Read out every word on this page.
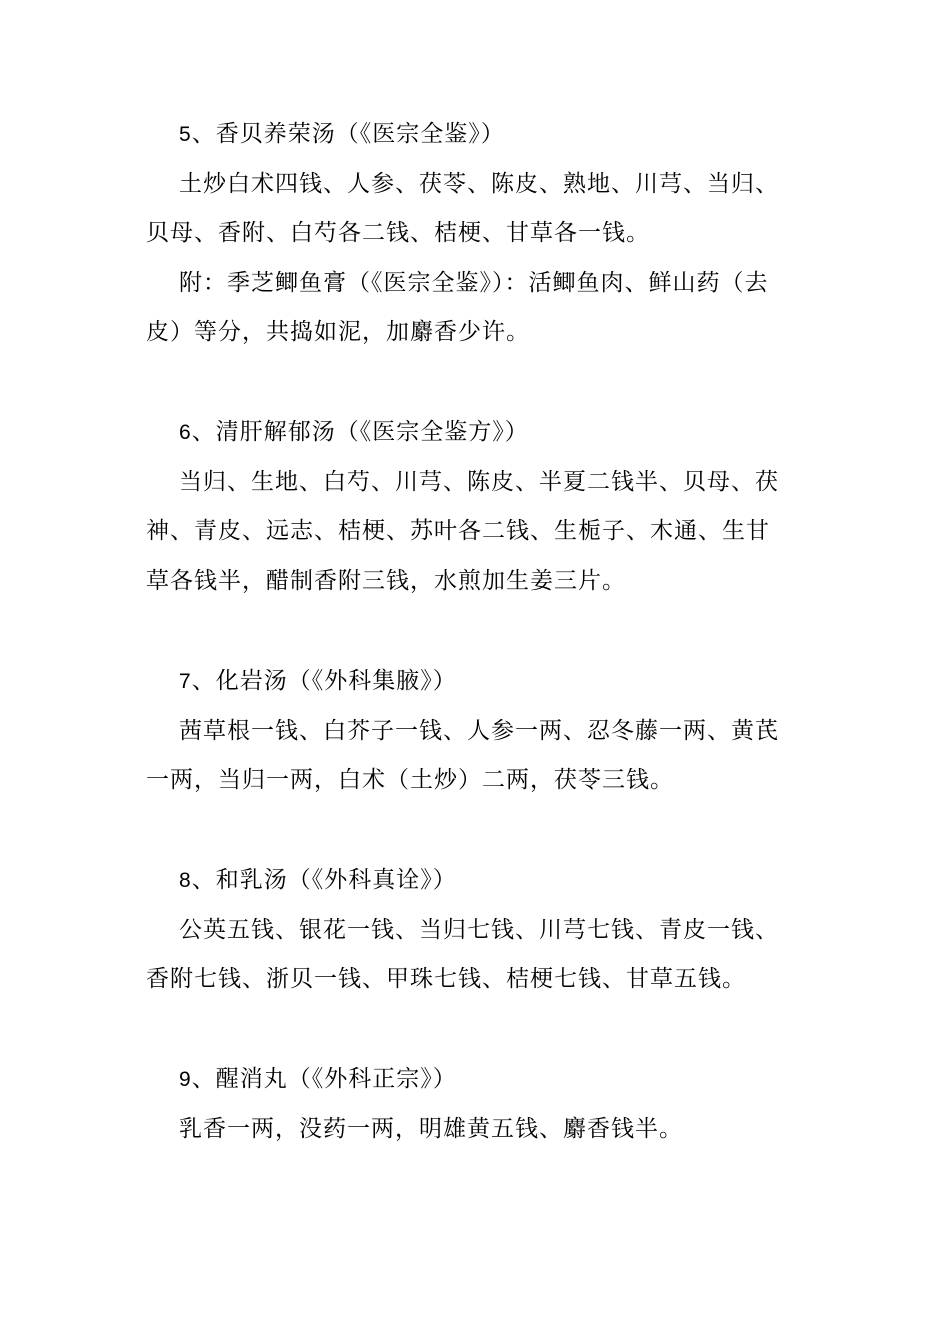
5、香贝养荣汤（《医宗全鉴》）
土炒白术四钱、人参、茯苓、陈皮、熟地、川芎、当归、
贝母、香附、白芍各二钱、桔梗、甘草各一钱。
附：季芝鲫鱼膏（《医宗全鉴》）：活鲫鱼肉、鲜山药（去
皮）等分，共捣如泥，加麝香少许。
6、清肝解郁汤（《医宗全鉴方》）
当归、生地、白芍、川芎、陈皮、半夏二钱半、贝母、茯
神、青皮、远志、桔梗、苏叶各二钱、生栀子、木通、生甘
草各钱半，醋制香附三钱，水煎加生姜三片。
7、化岩汤（《外科集腋》）
茜草根一钱、白芥子一钱、人参一两、忍冬藤一两、黄芪
一两，当归一两，白术（土炒）二两，茯苓三钱。
8、和乳汤（《外科真诠》）
公英五钱、银花一钱、当归七钱、川芎七钱、青皮一钱、
香附七钱、浙贝一钱、甲珠七钱、桔梗七钱、甘草五钱。
9、醒消丸（《外科正宗》）
乳香一两，没药一两，明雄黄五钱、麝香钱半。
